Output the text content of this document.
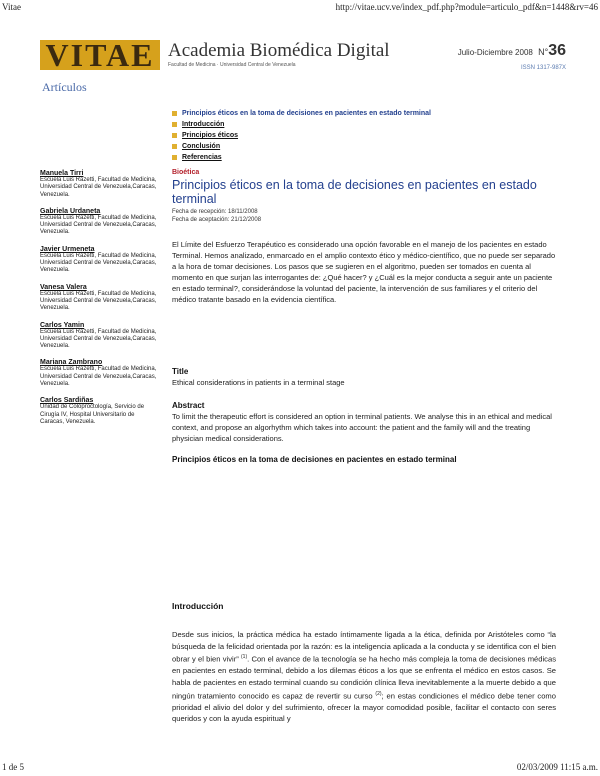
Vitae	http://vitae.ucv.ve/index_pdf.php?module=articulo_pdf&n=1448&rv=46
VITAE Academia Biomédica Digital
Facultad de Medicina · Universidad Central de Venezuela
Julio-Diciembre 2008 N°36
ISSN 1317-987X
Artículos
Principios éticos en la toma de decisiones en pacientes en estado terminal
Introducción
Principios éticos
Conclusión
Referencias
Manuela Tirri
Escuela Luis Razetti, Facultad de Medicina, Universidad Central de Venezuela,Caracas, Venezuela.
Gabriela Urdaneta
Escuela Luis Razetti, Facultad de Medicina, Universidad Central de Venezuela,Caracas, Venezuela.
Javier Urmeneta
Escuela Luis Razetti, Facultad de Medicina, Universidad Central de Venezuela,Caracas, Venezuela.
Vanesa Valera
Escuela Luis Razetti, Facultad de Medicina, Universidad Central de Venezuela,Caracas, Venezuela.
Carlos Yamin
Escuela Luis Razetti, Facultad de Medicina, Universidad Central de Venezuela,Caracas, Venezuela.
Mariana Zambrano
Escuela Luis Razetti, Facultad de Medicina, Universidad Central de Venezuela,Caracas, Venezuela.
Carlos Sardiñas
Unidad de Coloproctología, Servicio de Cirugía IV, Hospital Universitario de Caracas, Venezuela.
Bioética
Principios éticos en la toma de decisiones en pacientes en estado terminal
Fecha de recepción: 18/11/2008
Fecha de aceptación: 21/12/2008
El Límite del Esfuerzo Terapéutico es considerado una opción favorable en el manejo de los pacientes en estado Terminal. Hemos analizado, enmarcado en el amplio contexto ético y médico-científico, que no puede ser separado a la hora de tomar decisiones. Los pasos que se sugieren en el algoritmo, pueden ser tomados en cuenta al momento en que surjan las interrogantes de: ¿Qué hacer? y ¿Cuál es la mejor conducta a seguir ante un paciente en estado terminal?, considerándose la voluntad del paciente, la intervención de sus familiares y el criterio del médico tratante basado en la evidencia científica.
Title
Ethical considerations in patients in a terminal stage
Abstract
To limit the therapeutic effort is considered an option in terminal patients. We analyse this in an ethical and medical context, and propose an algorhythm which takes into account: the patient and the family will and the treating physician medical considerations.
Principios éticos en la toma de decisiones en pacientes en estado terminal
Introducción
Desde sus inicios, la práctica médica ha estado íntimamente ligada a la ética, definida por Aristóteles como “la búsqueda de la felicidad orientada por la razón: es la inteligencia aplicada a la conducta y se identifica con el bien obrar y el bien vivir” $^{(1)}$. Con el avance de la tecnología se ha hecho más compleja la toma de decisiones médicas en pacientes en estado terminal, debido a los dilemas éticos a los que se enfrenta el médico en estos casos. Se habla de pacientes en estado terminal cuando su condición clínica lleva inevitablemente a la muerte debido a que ningún tratamiento conocido es capaz de revertir su curso $^{(2)}$; en estas condiciones el médico debe tener como prioridad el alivio del dolor y del sufrimiento, ofrecer la mayor comodidad posible, facilitar el contacto con seres queridos y con la ayuda espiritual y
1 de 5	02/03/2009 11:15 a.m.
